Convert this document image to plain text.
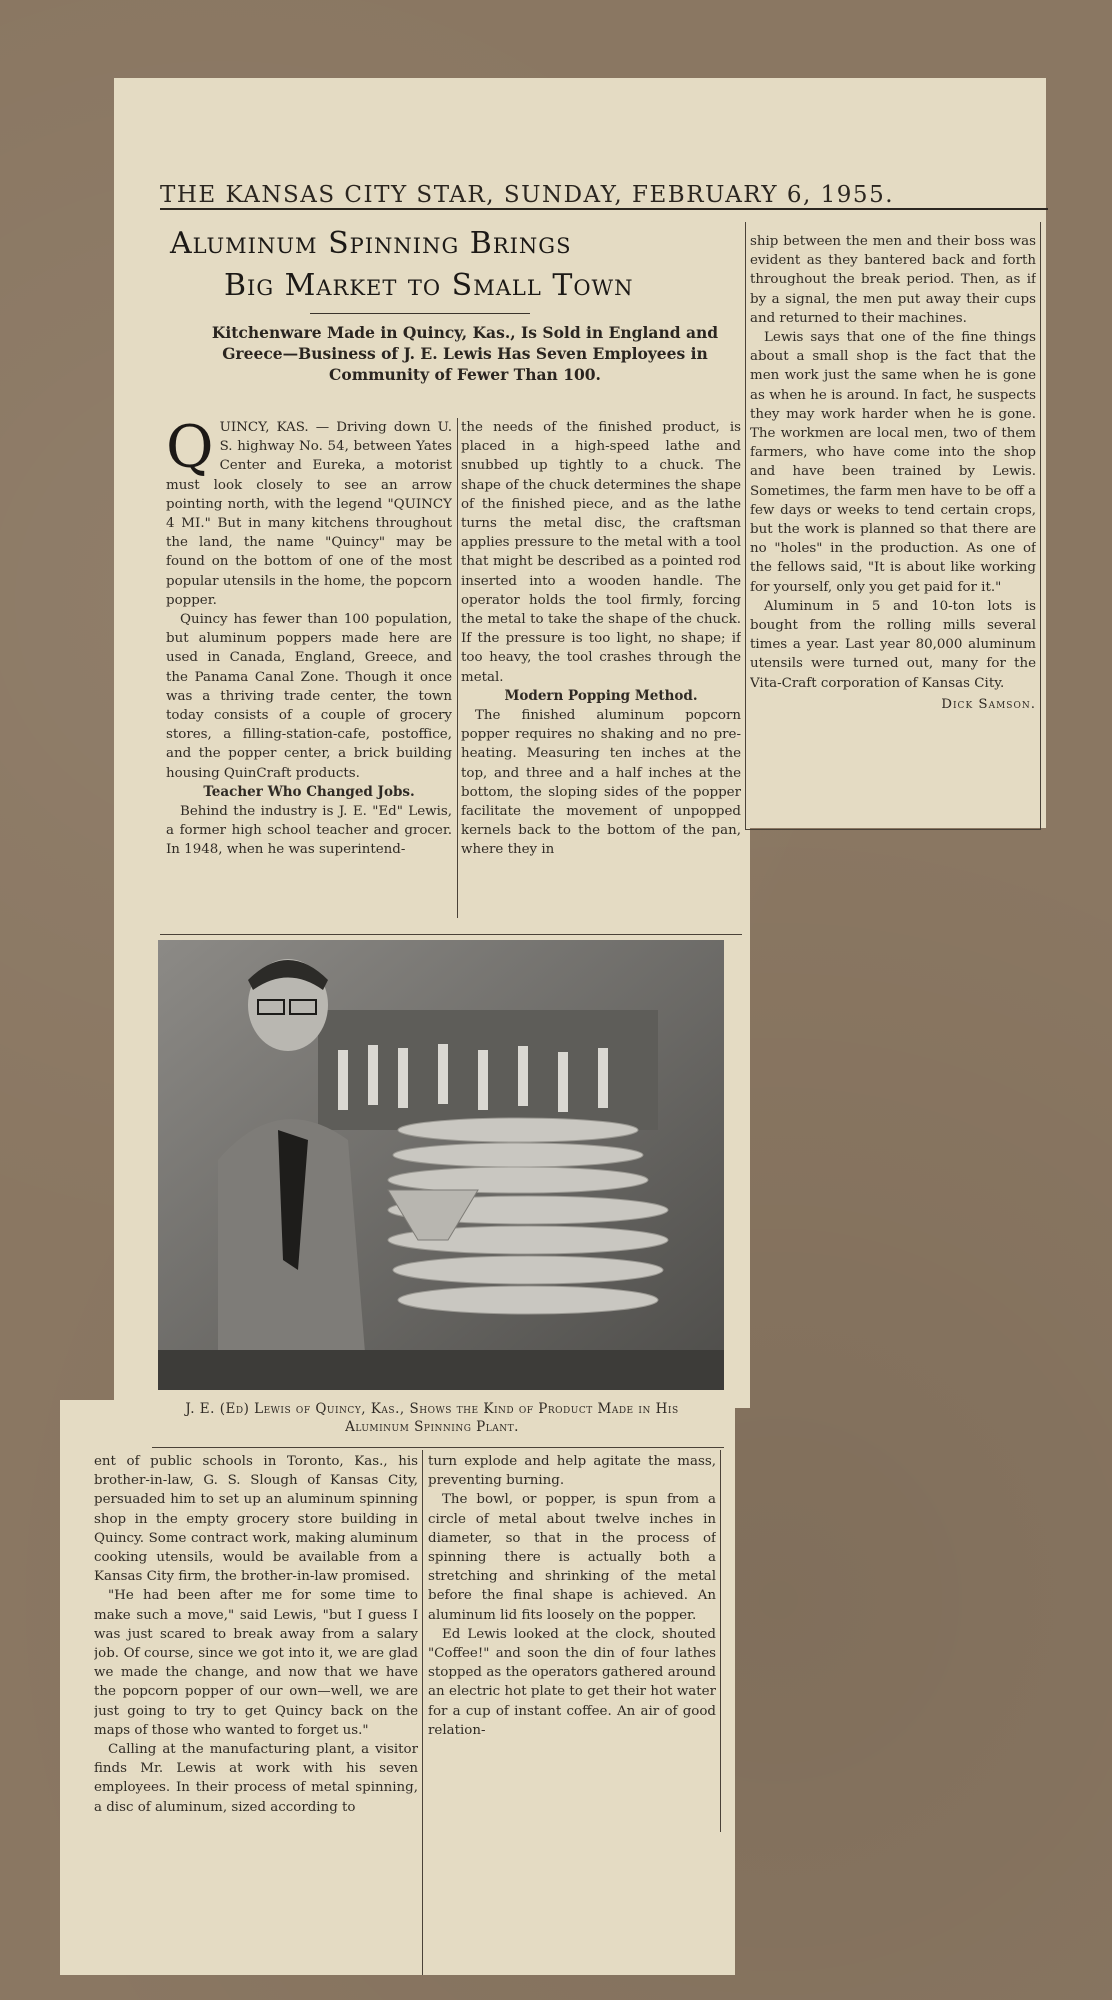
THE KANSAS CITY STAR, SUNDAY, FEBRUARY 6, 1955.
Aluminum Spinning Brings
Big Market to Small Town
Kitchenware Made in Quincy, Kas., Is Sold in England and Greece—Business of J. E. Lewis Has Seven Employees in Community of Fewer Than 100.
Q UINCY, KAS. — Driving down U. S. highway No. 54, between Yates Center and Eureka, a motorist must look closely to see an arrow pointing north, with the legend "QUINCY 4 MI." But in many kitchens throughout the land, the name "Quincy" may be found on the bottom of one of the most popular utensils in the home, the popcorn popper.

Quincy has fewer than 100 population, but aluminum poppers made here are used in Canada, England, Greece, and the Panama Canal Zone. Though it once was a thriving trade center, the town today consists of a couple of grocery stores, a filling-station-cafe, postoffice, and the popper center, a brick building housing QuinCraft products.

Teacher Who Changed Jobs.

Behind the industry is J. E. "Ed" Lewis, a former high school teacher and grocer. In 1948, when he was superintend-

the needs of the finished product, is placed in a high-speed lathe and snubbed up tightly to a chuck. The shape of the chuck determines the shape of the finished piece, and as the lathe turns the metal disc, the craftsman applies pressure to the metal with a tool that might be described as a pointed rod inserted into a wooden handle. The operator holds the tool firmly, forcing the metal to take the shape of the chuck. If the pressure is too light, no shape; if too heavy, the tool crashes through the metal.

Modern Popping Method.

The finished aluminum popcorn popper requires no shaking and no pre-heating. Measuring ten inches at the top, and three and a half inches at the bottom, the sloping sides of the popper facilitate the movement of unpopped kernels back to the bottom of the pan, where they in

ship between the men and their boss was evident as they bantered back and forth throughout the break period. Then, as if by a signal, the men put away their cups and returned to their machines.

Lewis says that one of the fine things about a small shop is the fact that the men work just the same when he is gone as when he is around. In fact, he suspects they may work harder when he is gone. The workmen are local men, two of them farmers, who have come into the shop and have been trained by Lewis. Sometimes, the farm men have to be off a few days or weeks to tend certain crops, but the work is planned so that there are no "holes" in the production. As one of the fellows said, "It is about like working for yourself, only you get paid for it."

Aluminum in 5 and 10-ton lots is bought from the rolling mills several times a year. Last year 80,000 aluminum utensils were turned out, many for the Vita-Craft corporation of Kansas City.

Dick Samson.

J. E. (Ed) Lewis of Quincy, Kas., Shows the Kind of Product Made in His Aluminum Spinning Plant.

ent of public schools in Toronto, Kas., his brother-in-law, G. S. Slough of Kansas City, persuaded him to set up an aluminum spinning shop in the empty grocery store building in Quincy. Some contract work, making aluminum cooking utensils, would be available from a Kansas City firm, the brother-in-law promised.

"He had been after me for some time to make such a move," said Lewis, "but I guess I was just scared to break away from a salary job. Of course, since we got into it, we are glad we made the change, and now that we have the popcorn popper of our own—well, we are just going to try to get Quincy back on the maps of those who wanted to forget us."

Calling at the manufacturing plant, a visitor finds Mr. Lewis at work with his seven employees. In their process of metal spinning, a disc of aluminum, sized according to

turn explode and help agitate the mass, preventing burning.

The bowl, or popper, is spun from a circle of metal about twelve inches in diameter, so that in the process of spinning there is actually both a stretching and shrinking of the metal before the final shape is achieved. An aluminum lid fits loosely on the popper.

Ed Lewis looked at the clock, shouted "Coffee!" and soon the din of four lathes stopped as the operators gathered around an electric hot plate to get their hot water for a cup of instant coffee. An air of good relation-
